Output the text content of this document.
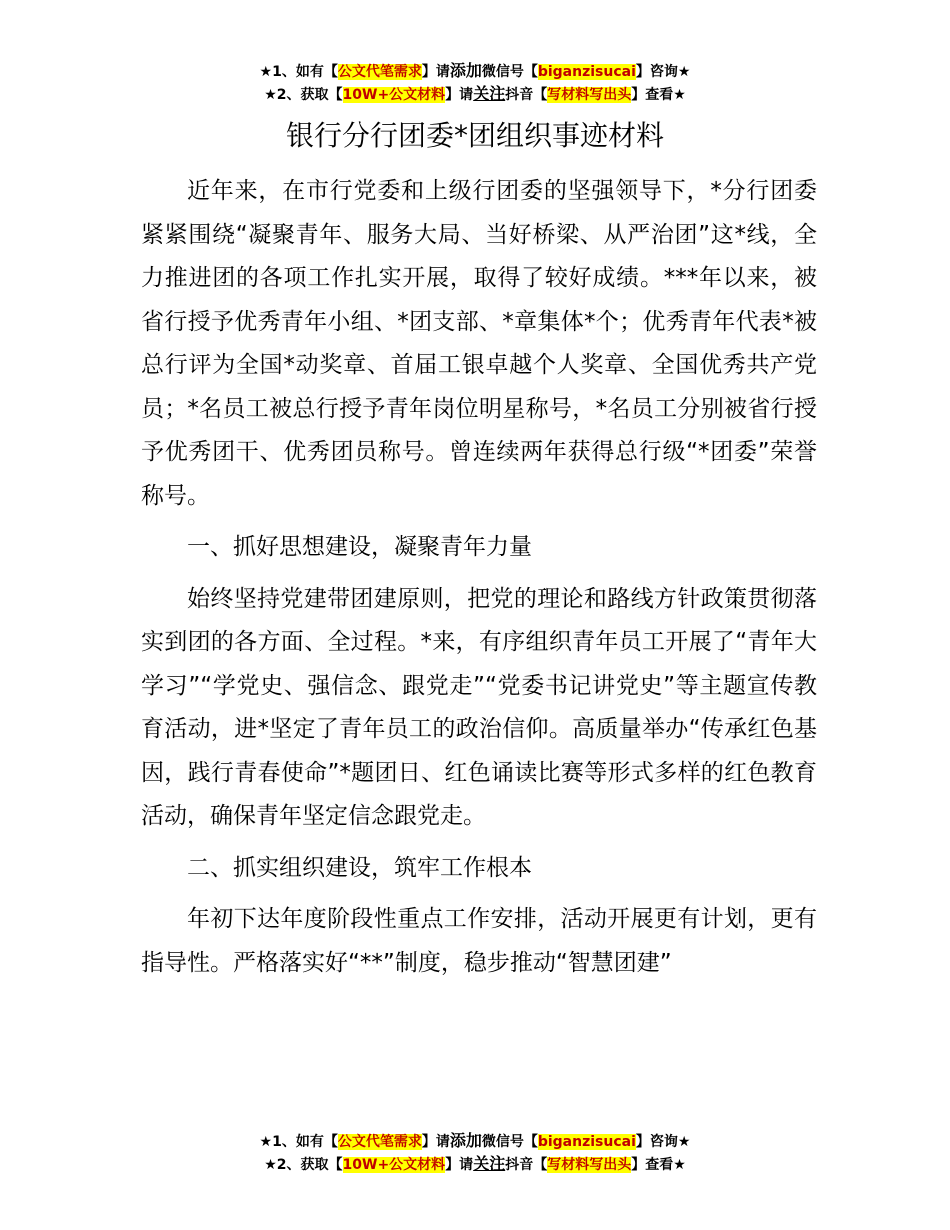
★1、如有【公文代笔需求】请添加微信号【biganzisucai】咨询★
★2、获取【10W+公文材料】请关注抖音【写材料写出头】查看★
银行分行团委*团组织事迹材料

近年来，在市行党委和上级行团委的坚强领导下，*分行团委紧紧围绕“凝聚青年、服务大局、当好桥梁、从严治团”这*线，全力推进团的各项工作扎实开展，取得了较好成绩。***年以来，被省行授予优秀青年小组、*团支部、*章集体*个；优秀青年代表*被总行评为全国*动奖章、首届工银卓越个人奖章、全国优秀共产党员；*名员工被总行授予青年岗位明星称号，*名员工分别被省行授予优秀团干、优秀团员称号。曾连续两年获得总行级“*团委”荣誉称号。

一、抓好思想建设，凝聚青年力量

始终坚持党建带团建原则，把党的理论和路线方针政策贯彻落实到团的各方面、全过程。*来，有序组织青年员工开展了“青年大学习”“学党史、强信念、跟党走”“党委书记讲党史”等主题宣传教育活动，进*坚定了青年员工的政治信仰。高质量举办“传承红色基因，践行青春使命”*题团日、红色诵读比赛等形式多样的红色教育活动，确保青年坚定信念跟党走。

二、抓实组织建设，筑牢工作根本

年初下达年度阶段性重点工作安排，活动开展更有计划，更有指导性。严格落实好“**”制度，稳步推动“智慧团建”

★1、如有【公文代笔需求】请添加微信号【biganzisucai】咨询★
★2、获取【10W+公文材料】请关注抖音【写材料写出头】查看★
